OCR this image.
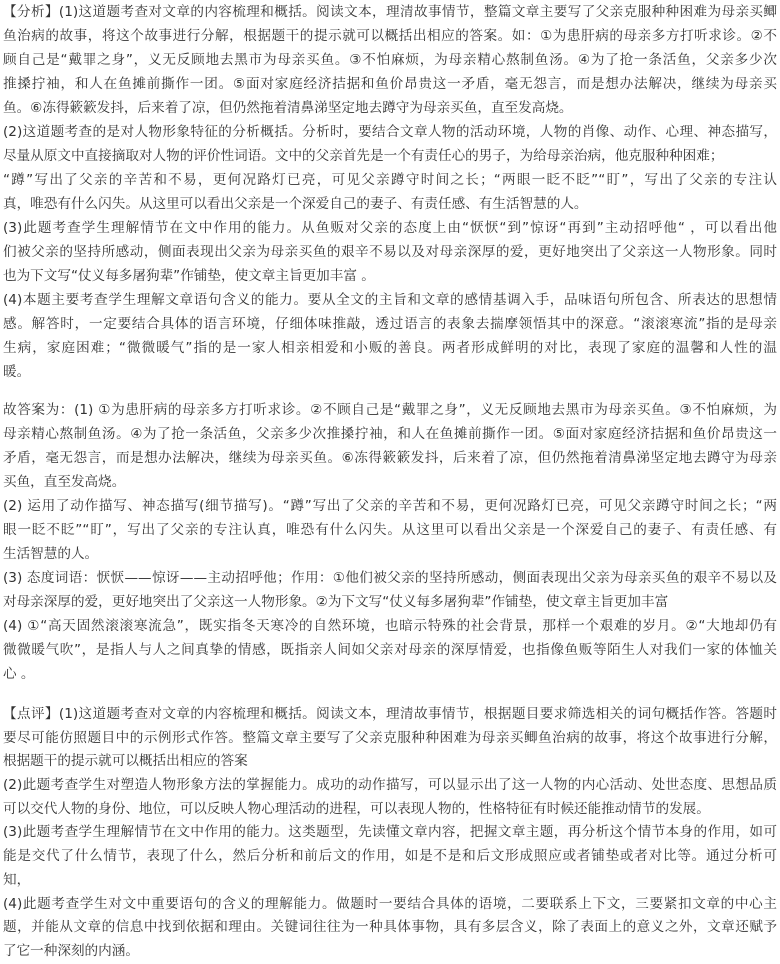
【分析】(1)这道题考查对文章的内容梳理和概括。阅读文本，理清故事情节，整篇文章主要写了父亲克服种种困难为母亲买鲫
鱼治病的故事，将这个故事进行分解，根据题干的提示就可以概括出相应的答案。如：①为患肝病的母亲多方打听求诊。②不
顾自己是“戴罪之身”，义无反顾地去黑市为母亲买鱼。③不怕麻烦，为母亲精心熬制鱼汤。④为了抢一条活鱼，父亲多少次
推搡拧袖，和人在鱼摊前撕作一团。⑤面对家庭经济拮据和鱼价昂贵这一矛盾，毫无怨言，而是想办法解决，继续为母亲买
鱼。⑥冻得簌簌发抖，后来着了凉，但仍然拖着清鼻涕坚定地去蹲守为母亲买鱼，直至发高烧。
(2)这道题考查的是对人物形象特征的分析概括。分析时，要结合文章人物的活动环境，人物的肖像、动作、心理、神态描写，
尽量从原文中直接摘取对人物的评价性词语。文中的父亲首先是一个有责任心的男子，为给母亲治病，他克服种种困难；
“蹲”写出了父亲的辛苦和不易，更何况路灯已亮，可见父亲蹲守时间之长；“两眼一眨不眨”“盯”，写出了父亲的专注认
真，唯恐有什么闪失。从这里可以看出父亲是一个深爱自己的妻子、有责任感、有生活智慧的人。
(3)此题考查学生理解情节在文中作用的能力。从鱼贩对父亲的态度上由“恹恹“到”惊讶“再到”主动招呼他“ ，可以看出他
们被父亲的坚持所感动，侧面表现出父亲为母亲买鱼的艰辛不易以及对母亲深厚的爱，更好地突出了父亲这一人物形象。同时
也为下文写“仗义每多屠狗辈”作铺垫，使文章主旨更加丰富 。
(4)本题主要考查学生理解文章语句含义的能力。要从全文的主旨和文章的感情基调入手，品味语句所包含、所表达的思想情
感。解答时，一定要结合具体的语言环境，仔细体味推敲，透过语言的表象去揣摩领悟其中的深意。“滚滚寒流”指的是母亲
生病，家庭困难；“微微暖气”指的是一家人相亲相爱和小贩的善良。两者形成鲜明的对比，表现了家庭的温馨和人性的温
暖。
故答案为：(1) ①为患肝病的母亲多方打听求诊。②不顾自己是“戴罪之身”，义无反顾地去黑市为母亲买鱼。③不怕麻烦，为
母亲精心熬制鱼汤。④为了抢一条活鱼，父亲多少次推搡拧袖，和人在鱼摊前撕作一团。⑤面对家庭经济拮据和鱼价昂贵这一
矛盾，毫无怨言，而是想办法解决，继续为母亲买鱼。⑥冻得簌簌发抖，后来着了凉，但仍然拖着清鼻涕坚定地去蹲守为母亲
买鱼，直至发高烧。
(2) 运用了动作描写、神态描写(细节描写)。“蹲”写出了父亲的辛苦和不易，更何况路灯已亮，可见父亲蹲守时间之长；“两
眼一眨不眨”“盯”，写出了父亲的专注认真，唯恐有什么闪失。从这里可以看出父亲是一个深爱自己的妻子、有责任感、有
生活智慧的人。
(3) 态度词语：恹恹——惊讶——主动招呼他；作用：①他们被父亲的坚持所感动，侧面表现出父亲为母亲买鱼的艰辛不易以及
对母亲深厚的爱，更好地突出了父亲这一人物形象。②为下文写“仗义每多屠狗辈”作铺垫，使文章主旨更加丰富
(4) ①“高天固然滚滚寒流急”，既实指冬天寒冷的自然环境，也暗示特殊的社会背景，那样一个艰难的岁月。②“大地却仍有
微微暖气吹”，是指人与人之间真挚的情感，既指亲人间如父亲对母亲的深厚情爱，也指像鱼贩等陌生人对我们一家的体恤关
心 。
【点评】(1)这道题考查对文章的内容梳理和概括。阅读文本，理清故事情节，根据题目要求筛选相关的词句概括作答。答题时
要尽可能仿照题目中的示例形式作答。整篇文章主要写了父亲克服种种困难为母亲买鲫鱼治病的故事，将这个故事进行分解，
根据题干的提示就可以概括出相应的答案
(2)此题考查学生对塑造人物形象方法的掌握能力。成功的动作描写，可以显示出了这一人物的内心活动、处世态度、思想品质
可以交代人物的身份、地位，可以反映人物心理活动的进程，可以表现人物的，性格特征有时候还能推动情节的发展。
(3)此题考查学生理解情节在文中作用的能力。这类题型，先读懂文章内容，把握文章主题，再分析这个情节本身的作用，如可
能是交代了什么情节，表现了什么，然后分析和前后文的作用，如是不是和后文形成照应或者铺垫或者对比等。通过分析可
知，
(4)此题考查学生对文中重要语句的含义的理解能力。做题时一要结合具体的语境，二要联系上下文，三要紧扣文章的中心主
题，并能从文章的信息中找到依据和理由。关键词往往为一种具体事物，具有多层含义，除了表面上的意义之外，文章还赋予
了它一种深刻的内涵。
